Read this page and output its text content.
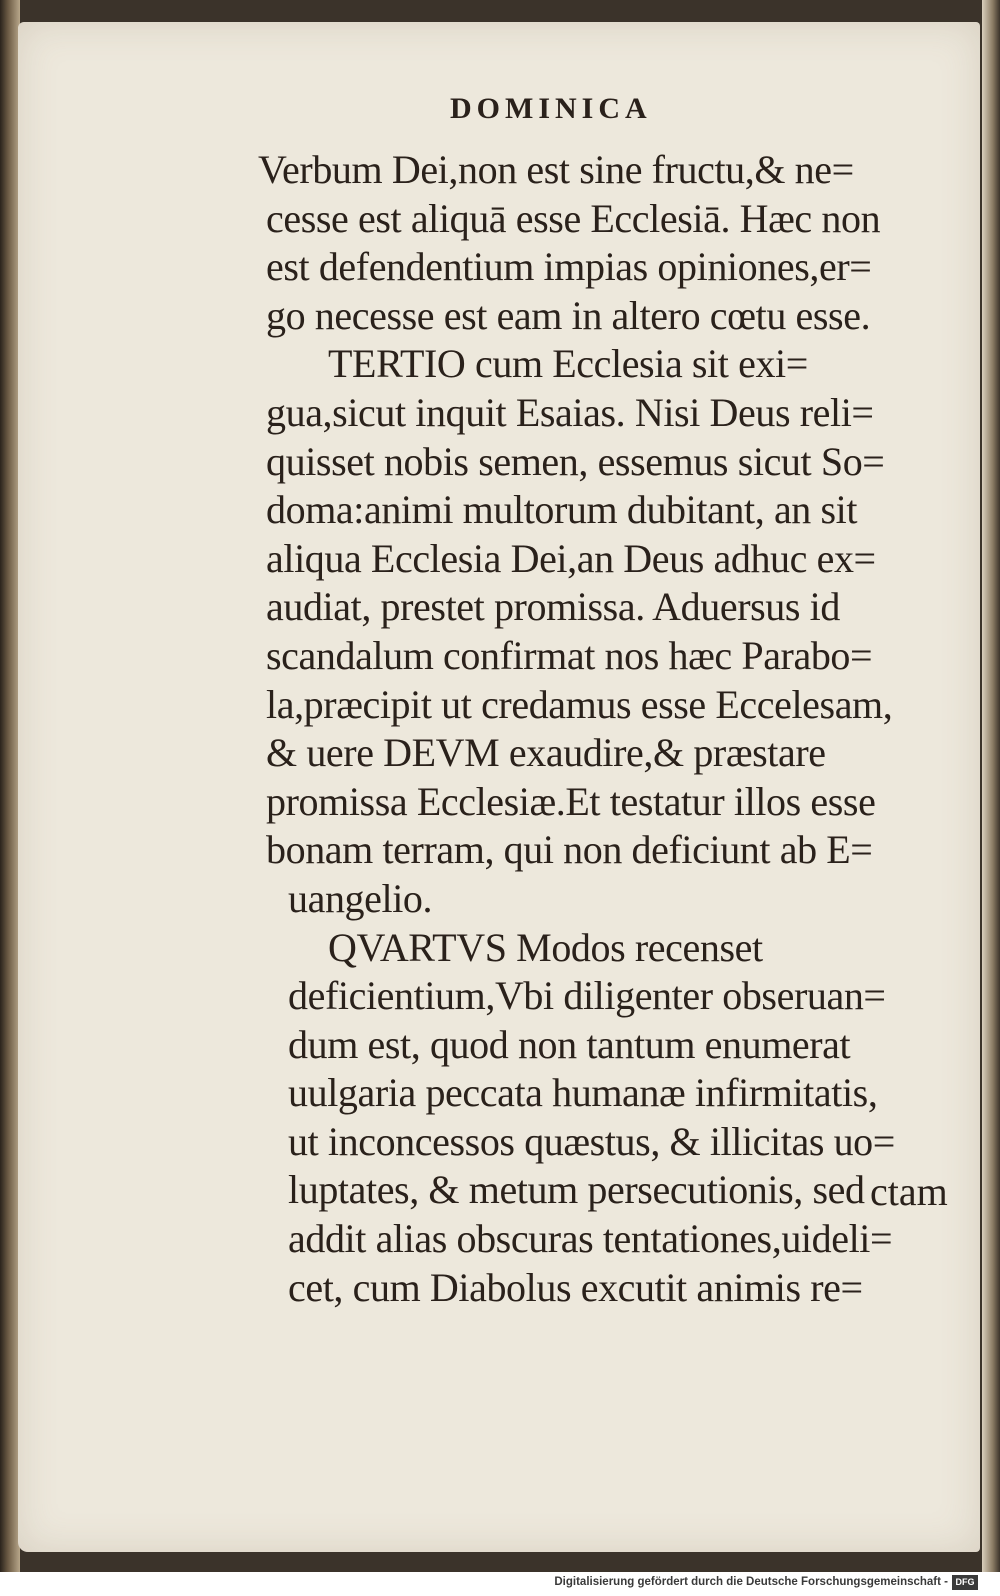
DOMINICA
Verbum Dei,non est sine fructu,& ne=
cesse est aliquā esse Ecclesiā. Hæc non
est defendentium impias opiniones,er=
go necesse est eam in altero cœtu esse.
TERTIO cum Ecclesia sit exi=
gua,sicut inquit Esaias. Nisi Deus reli=
quisset nobis semen, essemus sicut So=
doma:animi multorum dubitant, an sit
aliqua Ecclesia Dei,an Deus adhuc ex=
audiat, prestet promissa. Aduersus id
scandalum confirmat nos hæc Parabo=
la,præcipit ut credamus esse Eccelesam,
& uere DEVM exaudire,& præstare
promissa Ecclesiæ.Et testatur illos esse
bonam terram, qui non deficiunt ab E=
uangelio.
QVARTVS Modos recenset
deficientium,Vbi diligenter obseruan=
dum est, quod non tantum enumerat
uulgaria peccata humanæ infirmitatis,
ut inconcessos quæstus, & illicitas uo=
luptates, & metum persecutionis, sed
addit alias obscuras tentationes,uideli=
cet, cum Diabolus excutit animis re=
ctam
Digitalisierung gefördert durch die Deutsche Forschungsgemeinschaft - DFG
